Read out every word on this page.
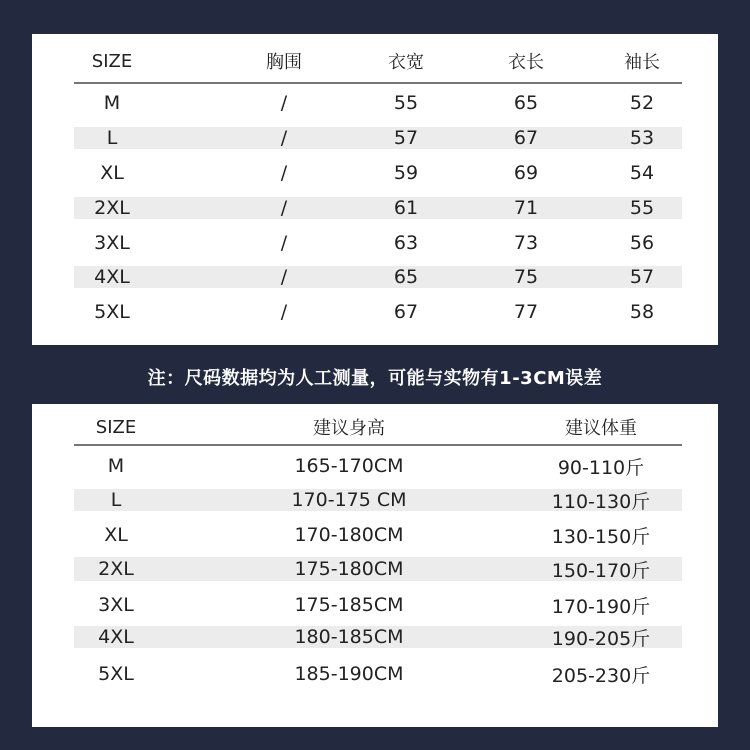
SIZE	胸围	衣宽	衣长	袖长
M	/	55	65	52
L	/	57	67	53
XL	/	59	69	54
2XL	/	61	71	55
3XL	/	63	73	56
4XL	/	65	75	57
5XL	/	67	77	58
注：尺码数据均为人工测量，可能与实物有1-3CM误差
SIZE	建议身高	建议体重
M	165-170CM	90-110斤
L	170-175 CM	110-130斤
XL	170-180CM	130-150斤
2XL	175-180CM	150-170斤
3XL	175-185CM	170-190斤
4XL	180-185CM	190-205斤
5XL	185-190CM	205-230斤
